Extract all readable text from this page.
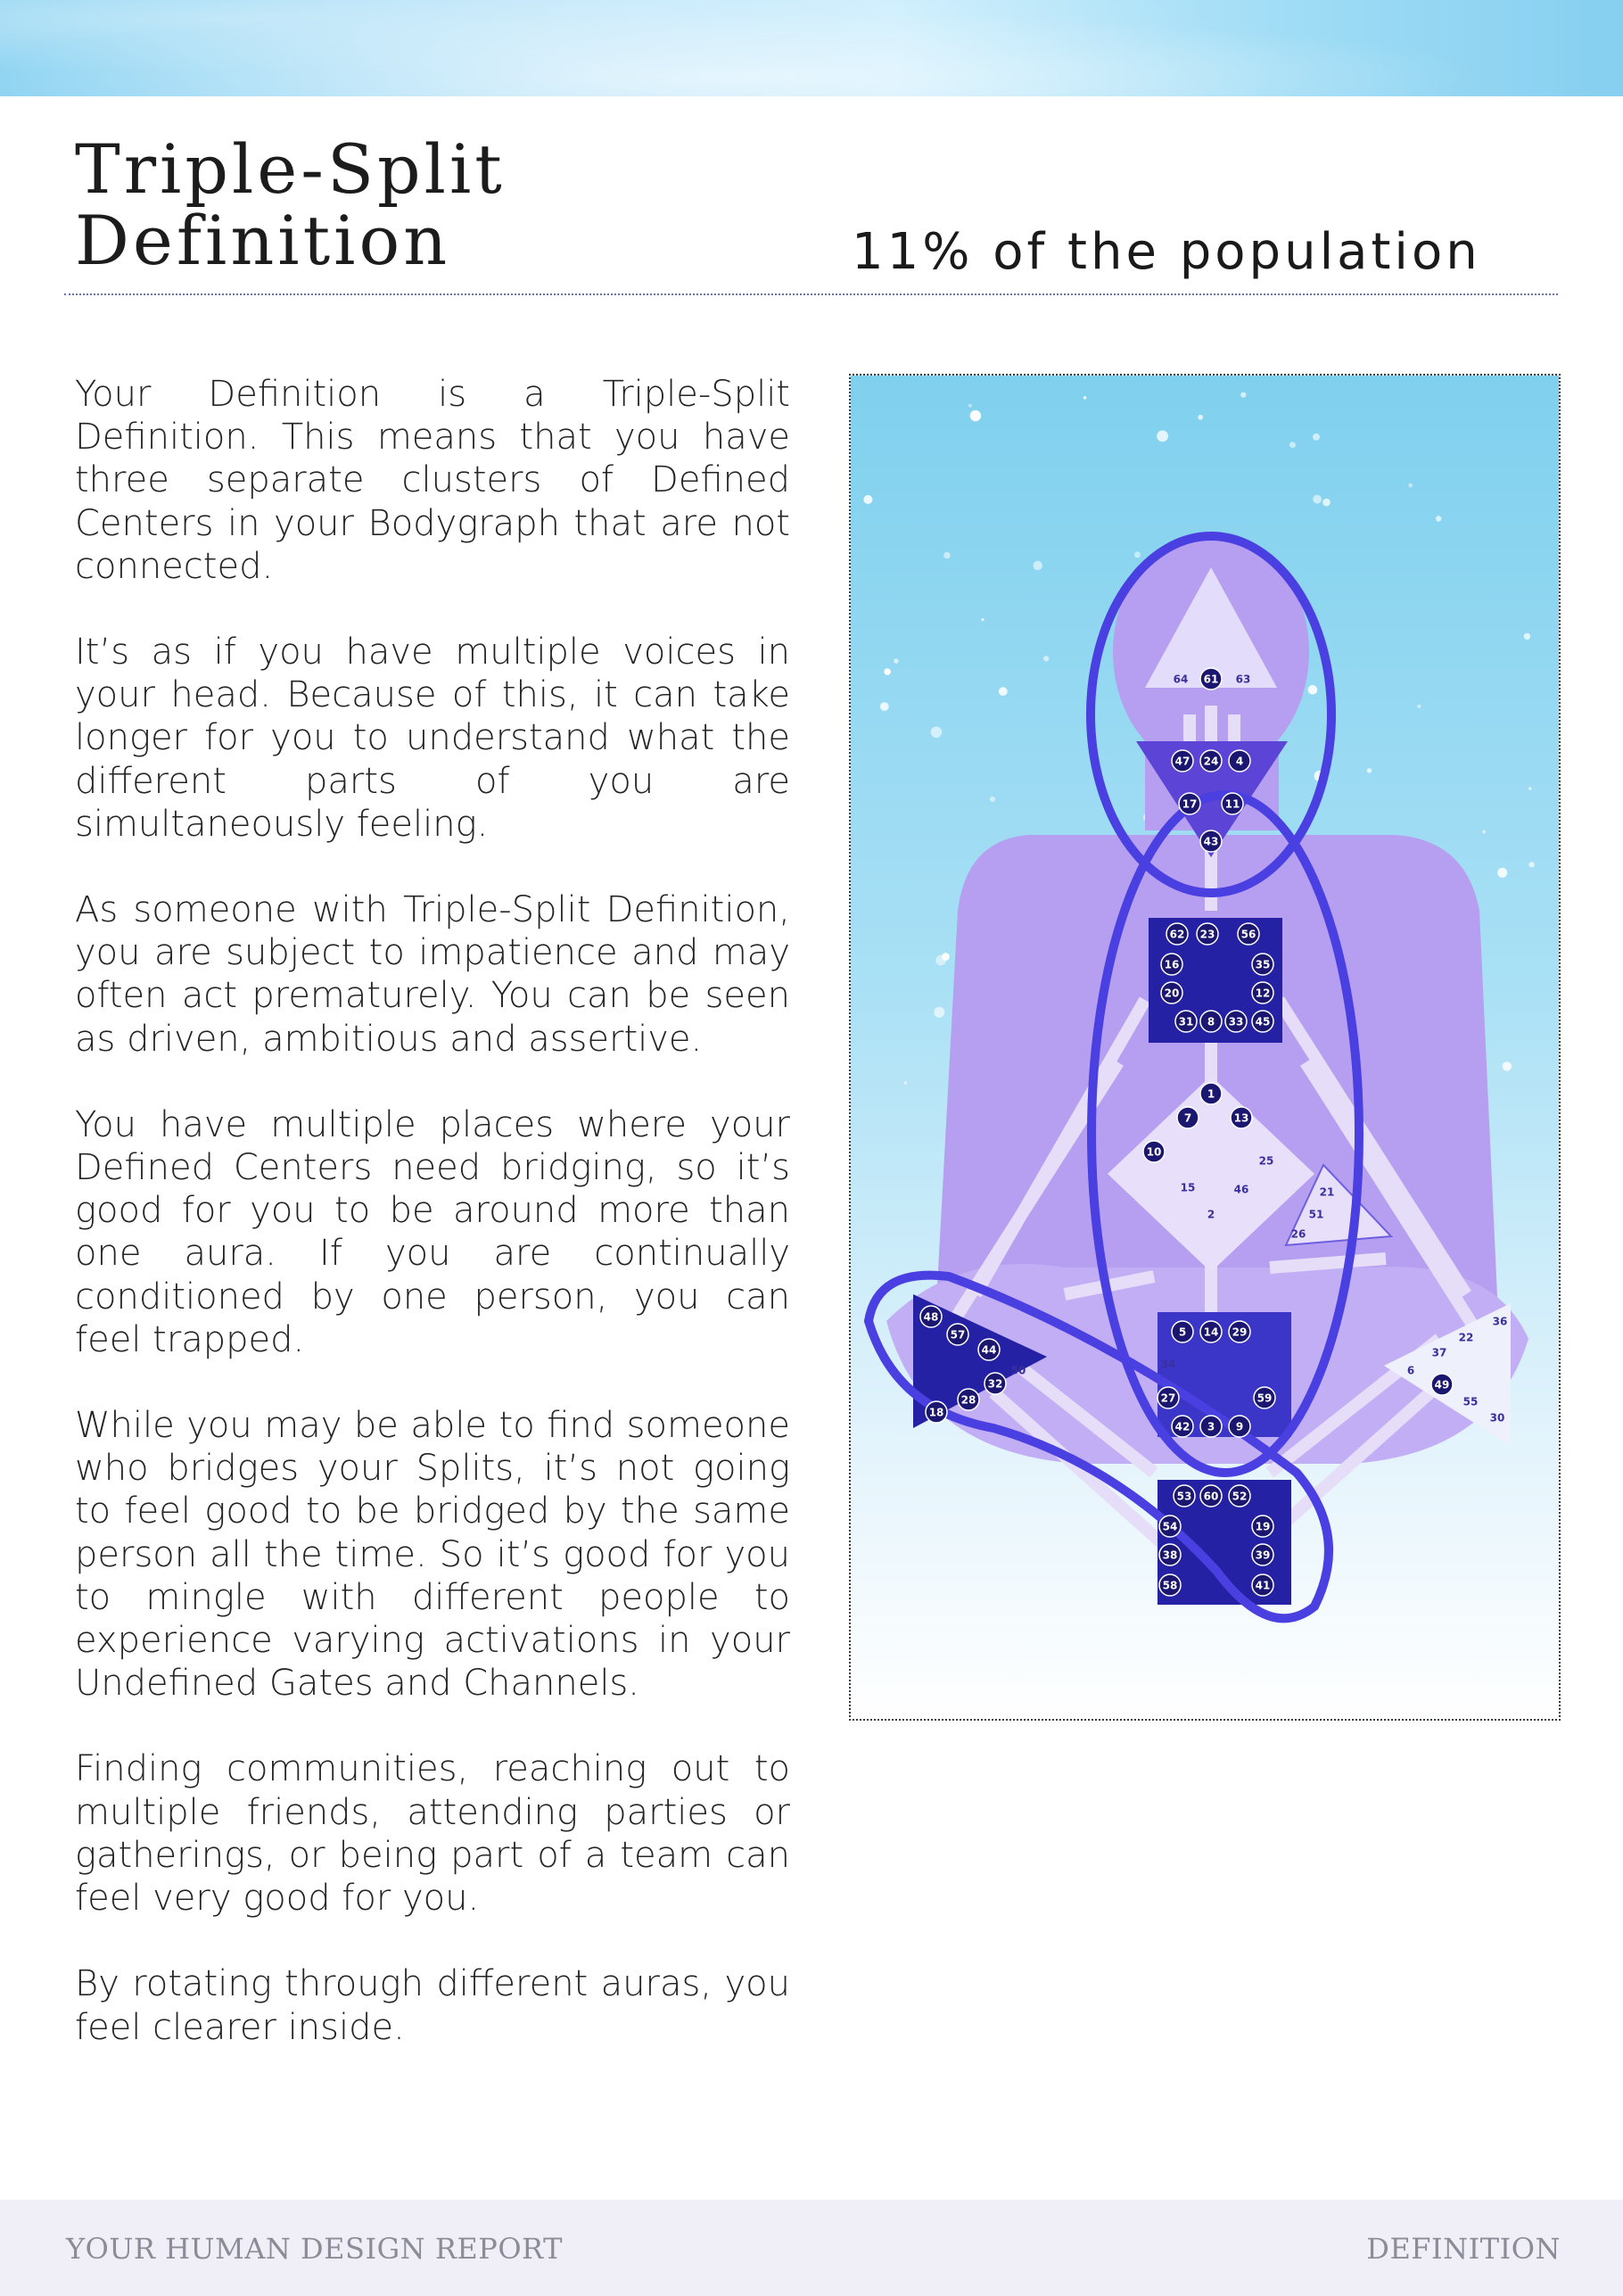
Triple-Split
Definition	11% of the population

Your Definition is a Triple-Split Definition. This means that you have three separate clusters of Defined Centers in your Bodygraph that are not connected.

It’s as if you have multiple voices in your head. Because of this, it can take longer for you to understand what the different parts of you are simultaneously feeling.

As someone with Triple-Split Definition, you are subject to impatience and may often act prematurely. You can be seen as driven, ambitious and assertive.

You have multiple places where your Defined Centers need bridging, so it’s good for you to be around more than one aura. If you are continually conditioned by one person, you can feel trapped.

While you may be able to find someone who bridges your Splits, it’s not going to feel good to be bridged by the same person all the time. So it’s good for you to mingle with different people to experience varying activations in your Undefined Gates and Channels.

Finding communities, reaching out to multiple friends, attending parties or gatherings, or being part of a team can feel very good for you.

By rotating through different auras, you feel clearer inside.

64 61 63
47 24 4
17	11
43
62 23 56
16	35
20	12
31 8 33 45
1
7	13
10
25
15	46
2
21
51
26
48
57
44
50
32
28
18
5 14 29
34
27	59
42 3 9
36
22
37
6
49
55
30
53 60 52
54	19
38	39
58	41
YOUR HUMAN DESIGN REPORT	DEFINITION
